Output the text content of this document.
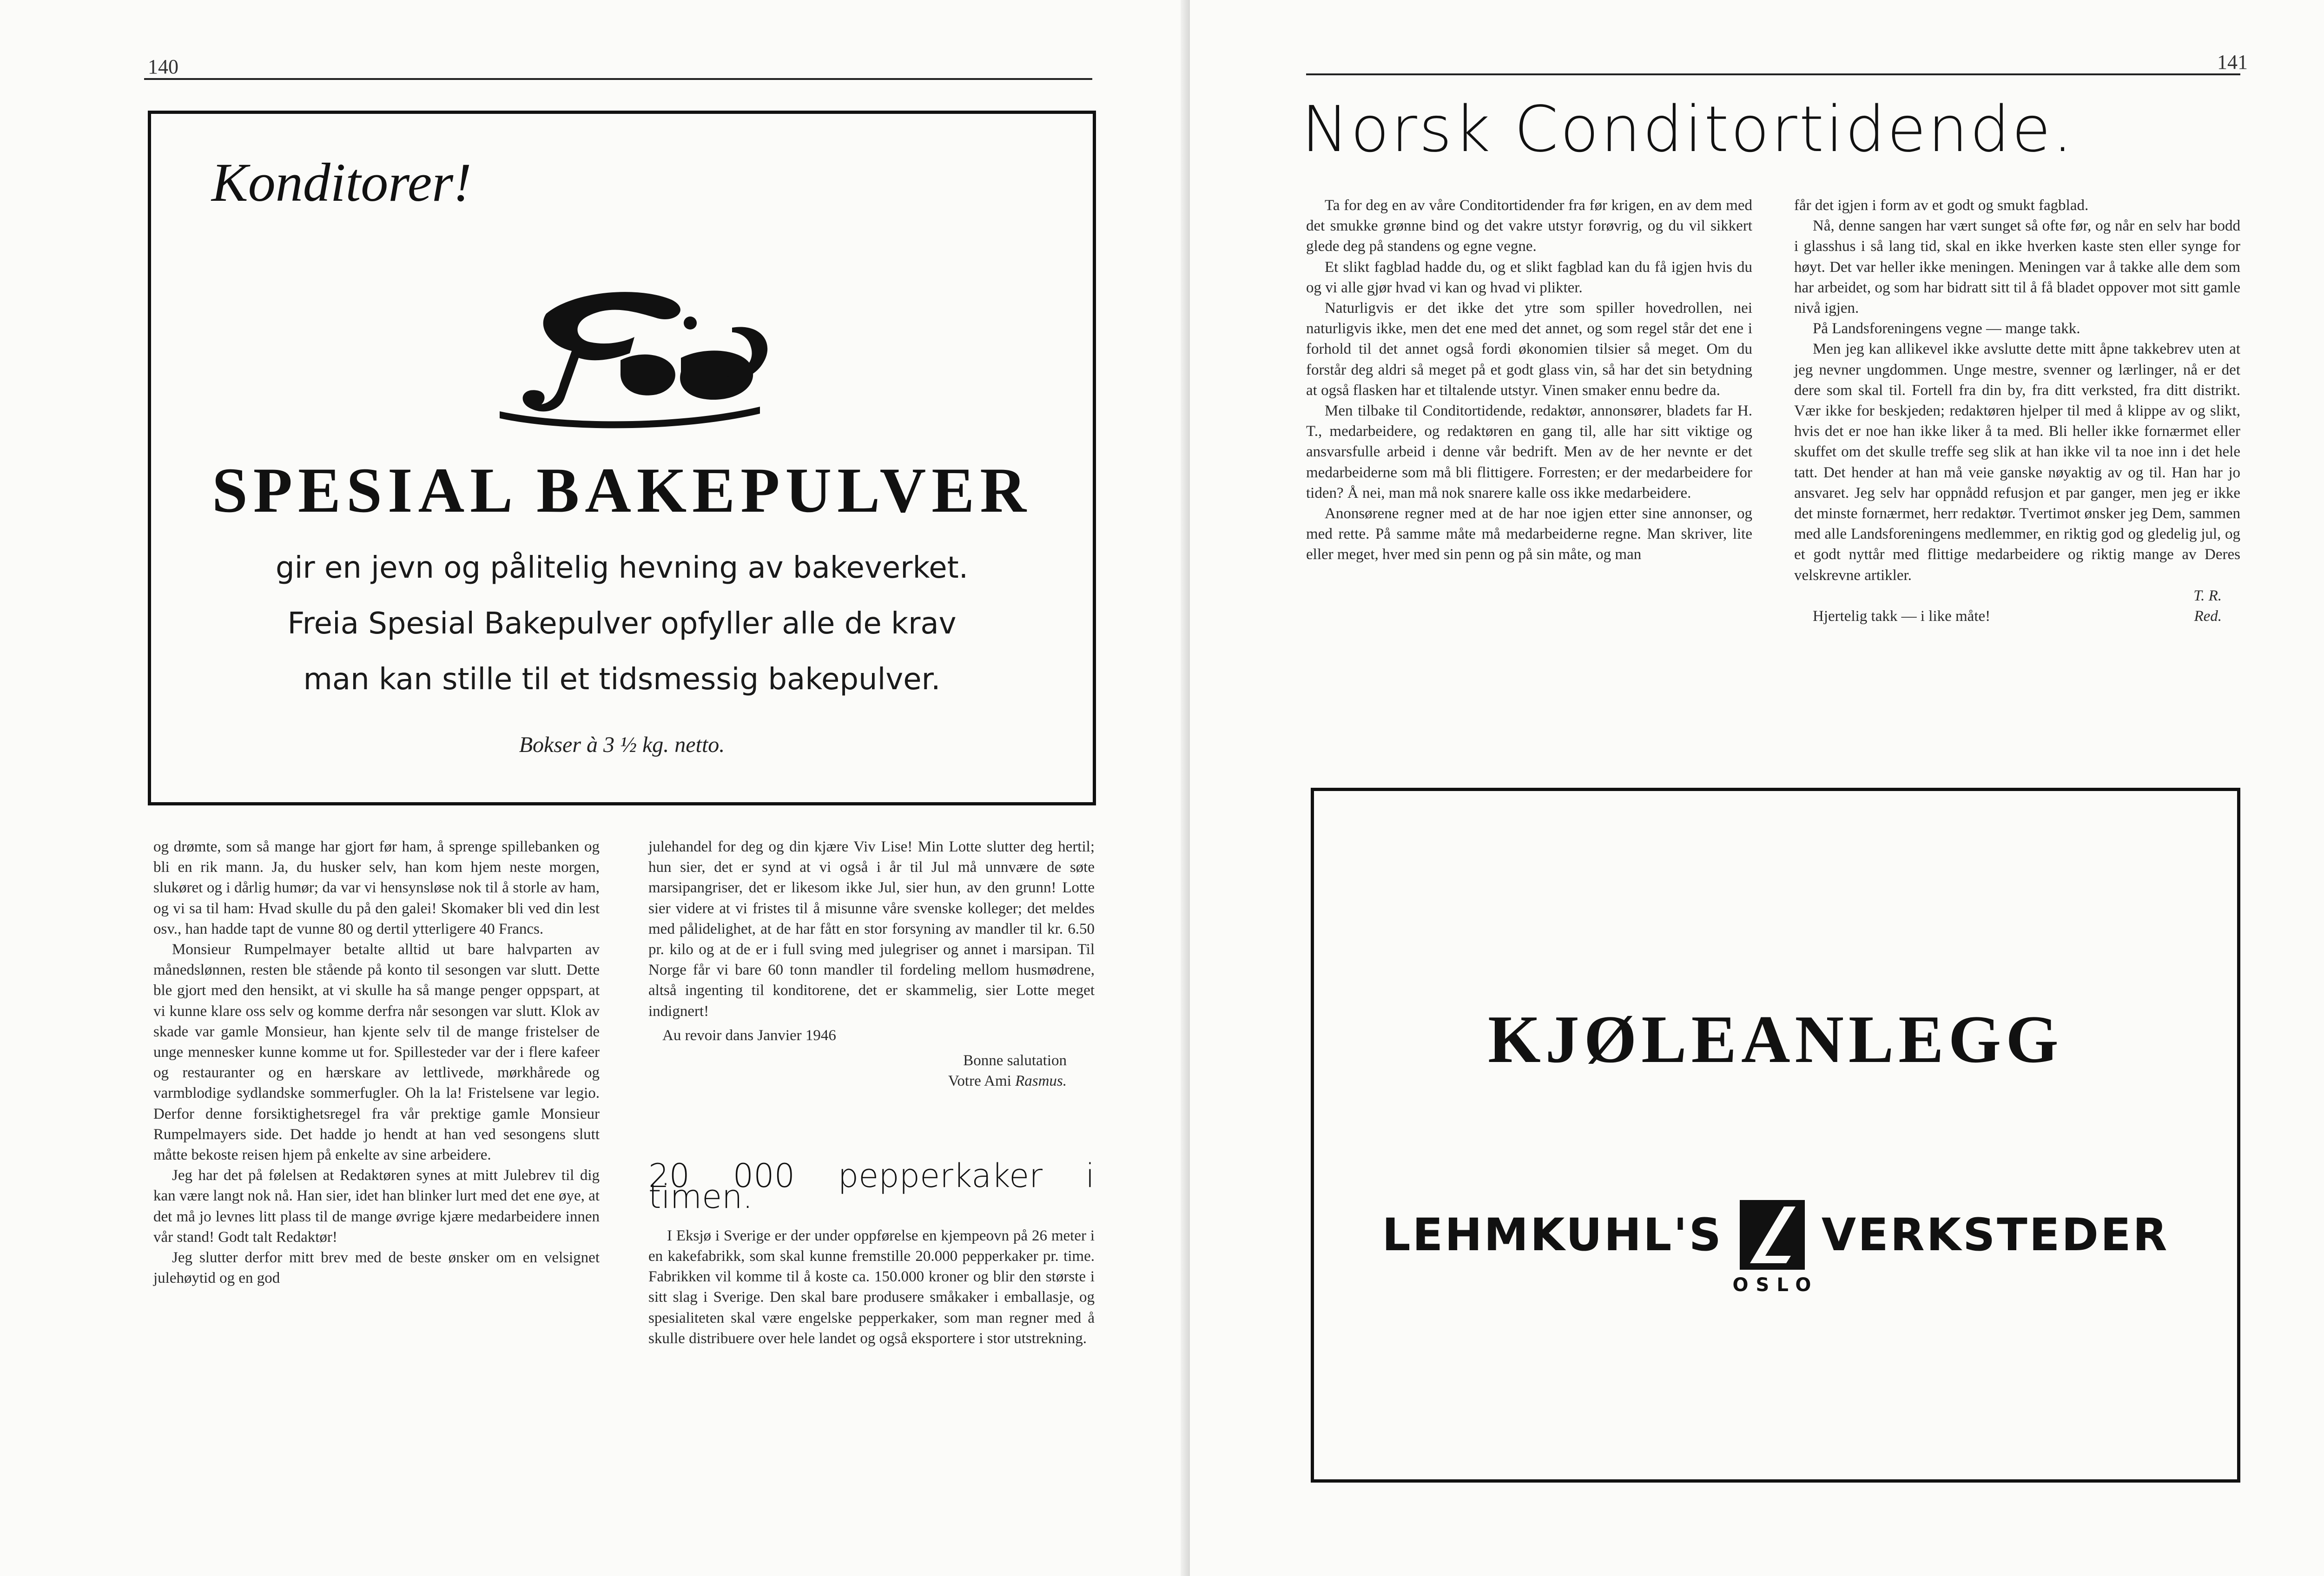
140
Konditorer!
SPESIAL BAKEPULVER
gir en jevn og pålitelig hevning av bakeverket.
Freia Spesial Bakepulver opfyller alle de krav
man kan stille til et tidsmessig bakepulver.
Bokser à 3 ½ kg. netto.

og drømte, som så mange har gjort før ham, å sprenge spillebanken og bli en rik mann. Ja, du husker selv, han kom hjem neste morgen, slukøret og i dårlig humør; da var vi hensynsløse nok til å storle av ham, og vi sa til ham: Hvad skulle du på den galei! Skomaker bli ved din lest osv., han hadde tapt de vunne 80 og dertil ytterligere 40 Francs.

Monsieur Rumpelmayer betalte alltid ut bare halvparten av månedslønnen, resten ble stående på konto til sesongen var slutt. Dette ble gjort med den hensikt, at vi skulle ha så mange penger oppspart, at vi kunne klare oss selv og komme derfra når sesongen var slutt. Klok av skade var gamle Monsieur, han kjente selv til de mange fristelser de unge mennesker kunne komme ut for. Spillesteder var der i flere kafeer og restauranter og en hærskare av lettlivede, mørkhårede og varmblodige sydlandske sommerfugler. Oh la la! Fristelsene var legio. Derfor denne forsiktighetsregel fra vår prektige gamle Monsieur Rumpelmayers side. Det hadde jo hendt at han ved sesongens slutt måtte bekoste reisen hjem på enkelte av sine arbeidere.

Jeg har det på følelsen at Redaktøren synes at mitt Julebrev til dig kan være langt nok nå. Han sier, idet han blinker lurt med det ene øye, at det må jo levnes litt plass til de mange øvrige kjære medarbeidere innen vår stand! Godt talt Redaktør!

Jeg slutter derfor mitt brev med de beste ønsker om en velsignet julehøytid og en god

julehandel for deg og din kjære Viv Lise! Min Lotte slutter deg hertil; hun sier, det er synd at vi også i år til Jul må unnvære de søte marsipangriser, det er likesom ikke Jul, sier hun, av den grunn! Lotte sier videre at vi fristes til å misunne våre svenske kolleger; det meldes med pålidelighet, at de har fått en stor forsyning av mandler til kr. 6.50 pr. kilo og at de er i full sving med julegriser og annet i marsipan. Til Norge får vi bare 60 tonn mandler til fordeling mellom husmødrene, altså ingenting til konditorene, det er skammelig, sier Lotte meget indignert!

Au revoir dans Janvier 1946

Bonne salutation

Votre Ami Rasmus.

20 000 pepperkaker i timen.

I Eksjø i Sverige er der under oppførelse en kjempeovn på 26 meter i en kakefabrikk, som skal kunne fremstille 20.000 pepperkaker pr. time. Fabrikken vil komme til å koste ca. 150.000 kroner og blir den største i sitt slag i Sverige. Den skal bare produsere småkaker i emballasje, og spesialiteten skal være engelske pepperkaker, som man regner med å skulle distribuere over hele landet og også eksportere i stor utstrekning.

141
Norsk Conditortidende.

Ta for deg en av våre Conditortidender fra før krigen, en av dem med det smukke grønne bind og det vakre utstyr forøvrig, og du vil sikkert glede deg på standens og egne vegne.

Et slikt fagblad hadde du, og et slikt fagblad kan du få igjen hvis du og vi alle gjør hvad vi kan og hvad vi plikter.

Naturligvis er det ikke det ytre som spiller hovedrollen, nei naturligvis ikke, men det ene med det annet, og som regel står det ene i forhold til det annet også fordi økonomien tilsier så meget. Om du forstår deg aldri så meget på et godt glass vin, så har det sin betydning at også flasken har et tiltalende utstyr. Vinen smaker ennu bedre da.

Men tilbake til Conditortidende, redaktør, annonsører, bladets far H. T., medarbeidere, og redaktøren en gang til, alle har sitt viktige og ansvarsfulle arbeid i denne vår bedrift. Men av de her nevnte er det medarbeiderne som må bli flittigere. Forresten; er der medarbeidere for tiden? Å nei, man må nok snarere kalle oss ikke medarbeidere.

Anonsørene regner med at de har noe igjen etter sine annonser, og med rette. På samme måte må medarbeiderne regne. Man skriver, lite eller meget, hver med sin penn og på sin måte, og man

får det igjen i form av et godt og smukt fagblad.

Nå, denne sangen har vært sunget så ofte før, og når en selv har bodd i glasshus i så lang tid, skal en ikke hverken kaste sten eller synge for høyt. Det var heller ikke meningen. Meningen var å takke alle dem som har arbeidet, og som har bidratt sitt til å få bladet oppover mot sitt gamle nivå igjen.

På Landsforeningens vegne — mange takk.

Men jeg kan allikevel ikke avslutte dette mitt åpne takkebrev uten at jeg nevner ungdommen. Unge mestre, svenner og lærlinger, nå er det dere som skal til. Fortell fra din by, fra ditt verksted, fra ditt distrikt. Vær ikke for beskjeden; redaktøren hjelper til med å klippe av og slikt, hvis det er noe han ikke liker å ta med. Bli heller ikke fornærmet eller skuffet om det skulle treffe seg slik at han ikke vil ta noe inn i det hele tatt. Det hender at han må veie ganske nøyaktig av og til. Han har jo ansvaret. Jeg selv har oppnådd refusjon et par ganger, men jeg er ikke det minste fornærmet, herr redaktør. Tvertimot ønsker jeg Dem, sammen med alle Landsforeningens medlemmer, en riktig god og gledelig jul, og et godt nyttår med flittige medarbeidere og riktig mange av Deres velskrevne artikler.

T. R.

Hjertelig takk — i like måte!	Red.

KJØLEANLEGG
LEHMKUHL'S VERKSTEDER
OSLO
